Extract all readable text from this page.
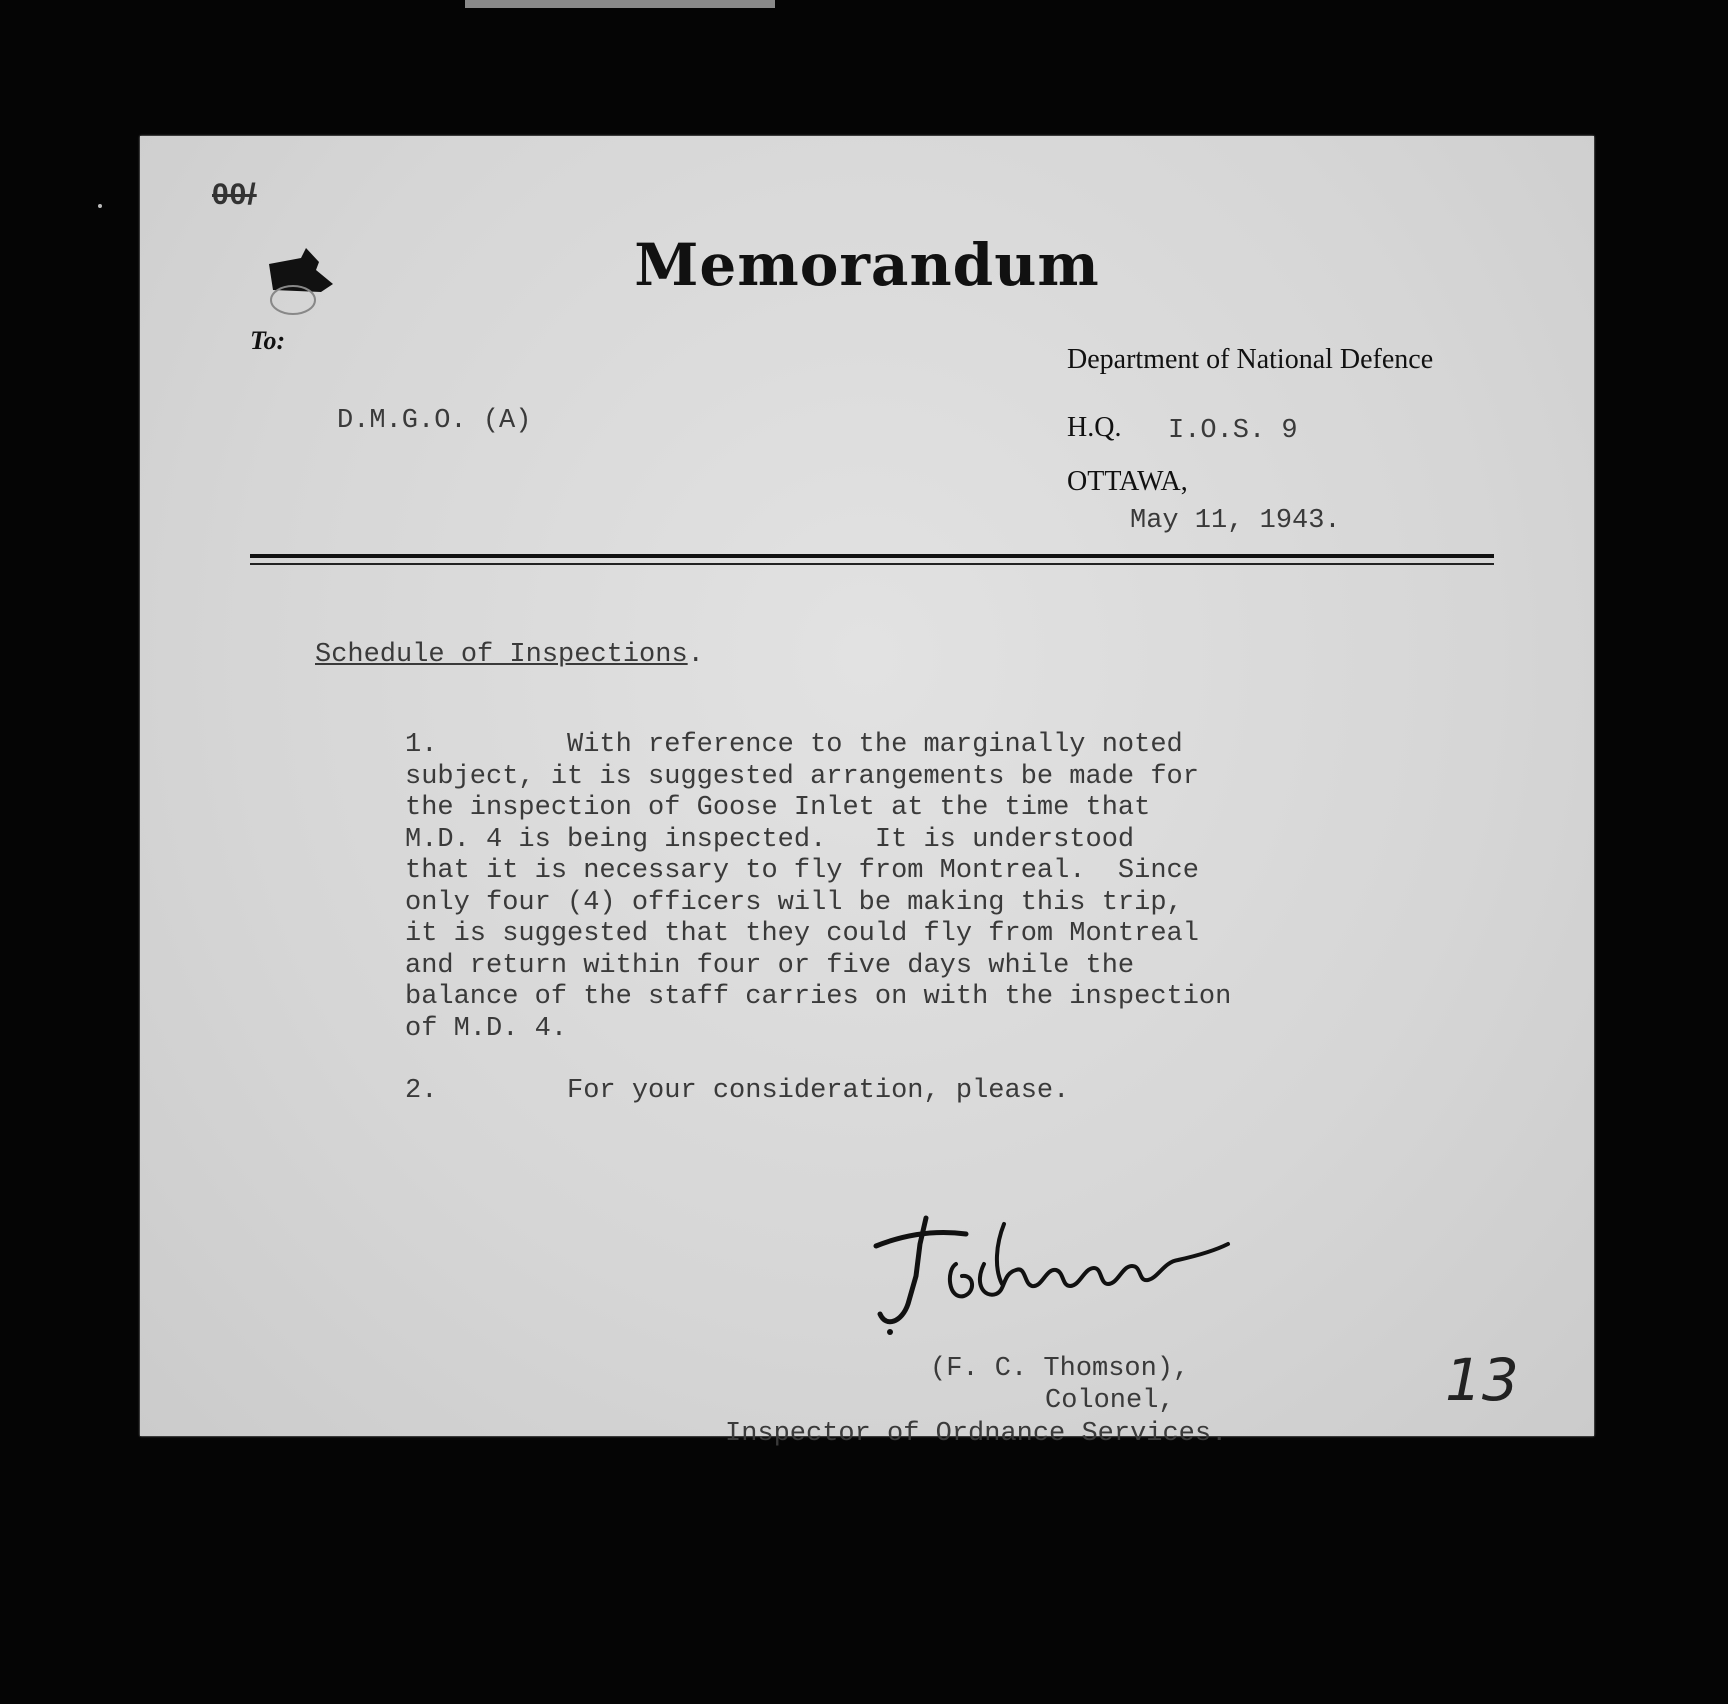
00/

Memorandum
To:
D.M.G.O. (A)
Department of National Defence
H.Q. I.O.S. 9
OTTAWA,
May 11, 1943.
Schedule of Inspections.
1.        With reference to the marginally noted
subject, it is suggested arrangements be made for
the inspection of Goose Inlet at the time that
M.D. 4 is being inspected.   It is understood
that it is necessary to fly from Montreal.  Since
only four (4) officers will be making this trip,
it is suggested that they could fly from Montreal
and return within four or five days while the
balance of the staff carries on with the inspection
of M.D. 4.
2.        For your consideration, please.

(F. C. Thomson),
Colonel,
Inspector of Ordnance Services.
13
